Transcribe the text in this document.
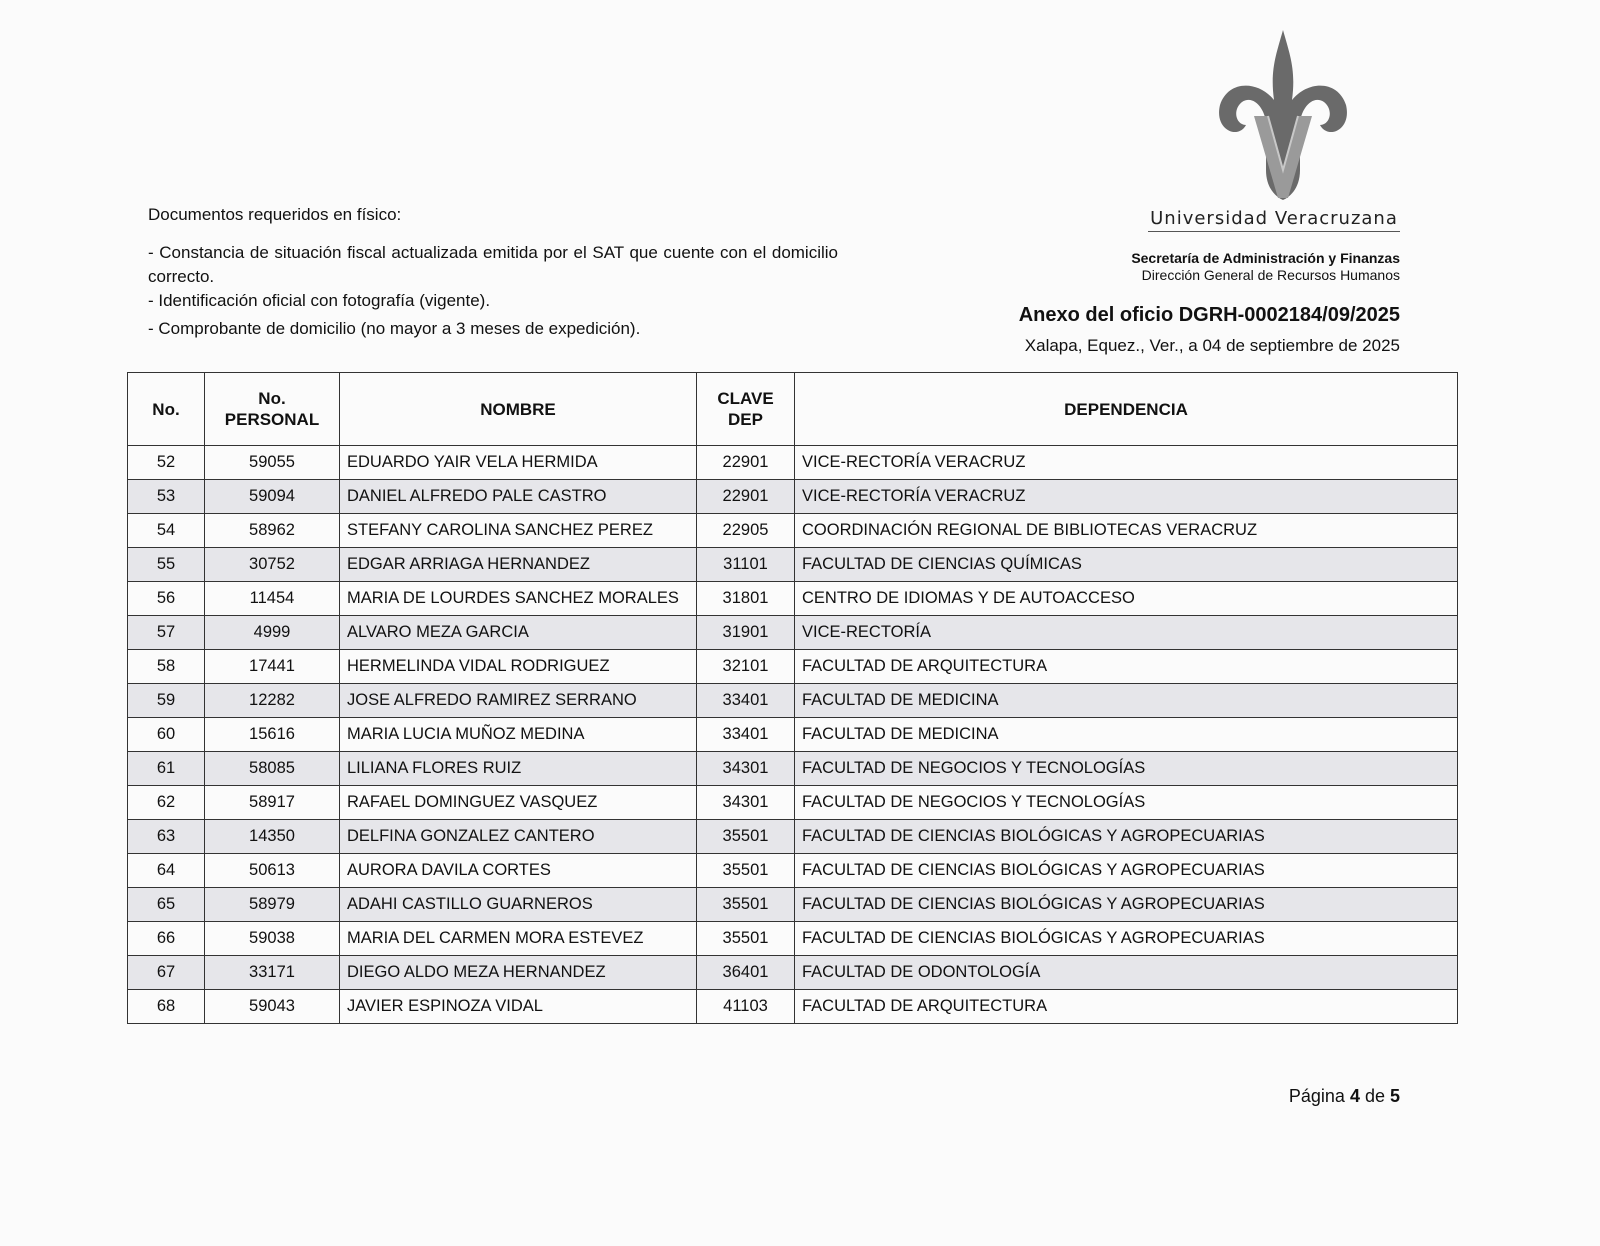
Documentos requeridos en físico:
- Constancia de situación fiscal actualizada emitida por el SAT que cuente con el domicilio correcto.
- Identificación oficial con fotografía (vigente).
- Comprobante de domicilio (no mayor a 3 meses de expedición).
Universidad Veracruzana
Secretaría de Administración y Finanzas
Dirección General de Recursos Humanos
Anexo del oficio DGRH-0002184/09/2025
Xalapa, Equez., Ver., a 04 de septiembre de 2025
No.	No. PERSONAL	NOMBRE	CLAVE DEP	DEPENDENCIA
52	59055	EDUARDO YAIR VELA HERMIDA	22901	VICE-RECTORÍA VERACRUZ
53	59094	DANIEL ALFREDO PALE CASTRO	22901	VICE-RECTORÍA VERACRUZ
54	58962	STEFANY CAROLINA SANCHEZ PEREZ	22905	COORDINACIÓN REGIONAL DE BIBLIOTECAS VERACRUZ
55	30752	EDGAR ARRIAGA HERNANDEZ	31101	FACULTAD DE CIENCIAS QUÍMICAS
56	11454	MARIA DE LOURDES SANCHEZ MORALES	31801	CENTRO DE IDIOMAS Y DE AUTOACCESO
57	4999	ALVARO MEZA GARCIA	31901	VICE-RECTORÍA
58	17441	HERMELINDA VIDAL RODRIGUEZ	32101	FACULTAD DE ARQUITECTURA
59	12282	JOSE ALFREDO RAMIREZ SERRANO	33401	FACULTAD DE MEDICINA
60	15616	MARIA LUCIA MUÑOZ MEDINA	33401	FACULTAD DE MEDICINA
61	58085	LILIANA FLORES RUIZ	34301	FACULTAD DE NEGOCIOS Y TECNOLOGÍAS
62	58917	RAFAEL DOMINGUEZ VASQUEZ	34301	FACULTAD DE NEGOCIOS Y TECNOLOGÍAS
63	14350	DELFINA GONZALEZ CANTERO	35501	FACULTAD DE CIENCIAS BIOLÓGICAS Y AGROPECUARIAS
64	50613	AURORA DAVILA CORTES	35501	FACULTAD DE CIENCIAS BIOLÓGICAS Y AGROPECUARIAS
65	58979	ADAHI CASTILLO GUARNEROS	35501	FACULTAD DE CIENCIAS BIOLÓGICAS Y AGROPECUARIAS
66	59038	MARIA DEL CARMEN MORA ESTEVEZ	35501	FACULTAD DE CIENCIAS BIOLÓGICAS Y AGROPECUARIAS
67	33171	DIEGO ALDO MEZA HERNANDEZ	36401	FACULTAD DE ODONTOLOGÍA
68	59043	JAVIER ESPINOZA VIDAL	41103	FACULTAD DE ARQUITECTURA
Página 4 de 5
